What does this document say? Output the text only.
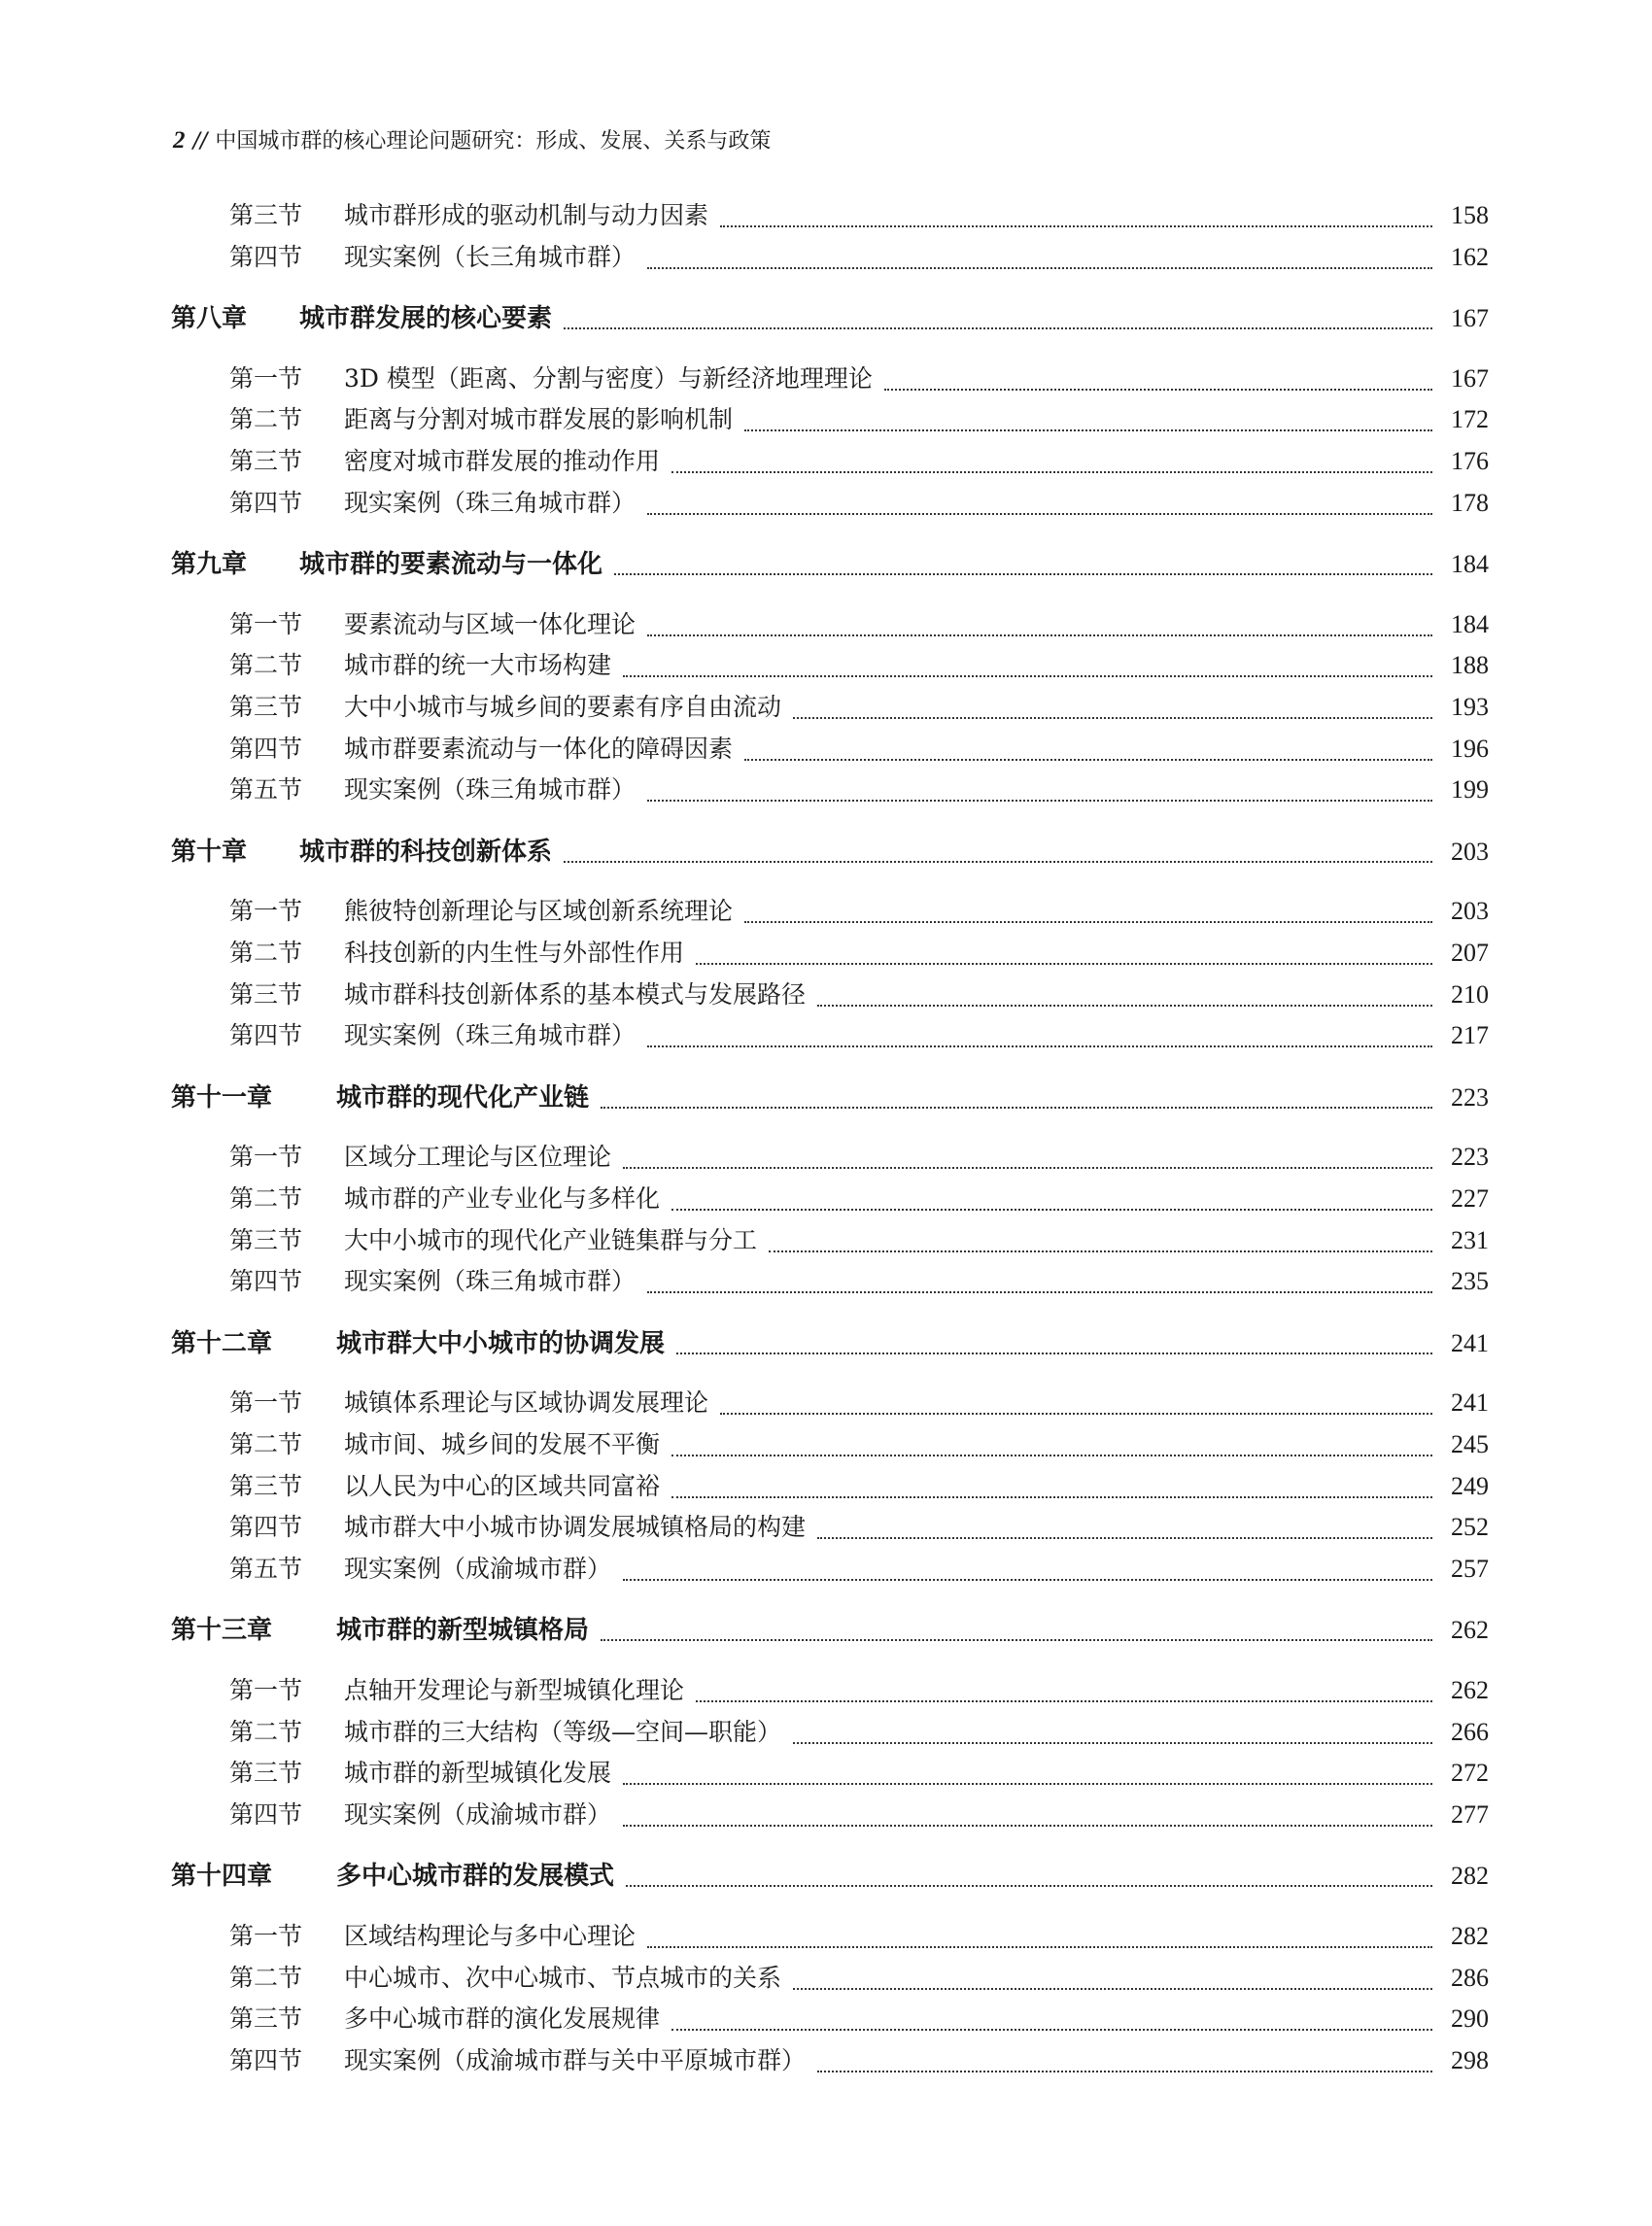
2 // 中国城市群的核心理论问题研究：形成、发展、关系与政策
第三节	城市群形成的驱动机制与动力因素	158
第四节	现实案例（长三角城市群）	162
第八章	城市群发展的核心要素	167
第一节	3D 模型（距离、分割与密度）与新经济地理理论	167
第二节	距离与分割对城市群发展的影响机制	172
第三节	密度对城市群发展的推动作用	176
第四节	现实案例（珠三角城市群）	178
第九章	城市群的要素流动与一体化	184
第一节	要素流动与区域一体化理论	184
第二节	城市群的统一大市场构建	188
第三节	大中小城市与城乡间的要素有序自由流动	193
第四节	城市群要素流动与一体化的障碍因素	196
第五节	现实案例（珠三角城市群）	199
第十章	城市群的科技创新体系	203
第一节	熊彼特创新理论与区域创新系统理论	203
第二节	科技创新的内生性与外部性作用	207
第三节	城市群科技创新体系的基本模式与发展路径	210
第四节	现实案例（珠三角城市群）	217
第十一章	城市群的现代化产业链	223
第一节	区域分工理论与区位理论	223
第二节	城市群的产业专业化与多样化	227
第三节	大中小城市的现代化产业链集群与分工	231
第四节	现实案例（珠三角城市群）	235
第十二章	城市群大中小城市的协调发展	241
第一节	城镇体系理论与区域协调发展理论	241
第二节	城市间、城乡间的发展不平衡	245
第三节	以人民为中心的区域共同富裕	249
第四节	城市群大中小城市协调发展城镇格局的构建	252
第五节	现实案例（成渝城市群）	257
第十三章	城市群的新型城镇格局	262
第一节	点轴开发理论与新型城镇化理论	262
第二节	城市群的三大结构（等级—空间—职能）	266
第三节	城市群的新型城镇化发展	272
第四节	现实案例（成渝城市群）	277
第十四章	多中心城市群的发展模式	282
第一节	区域结构理论与多中心理论	282
第二节	中心城市、次中心城市、节点城市的关系	286
第三节	多中心城市群的演化发展规律	290
第四节	现实案例（成渝城市群与关中平原城市群）	298
